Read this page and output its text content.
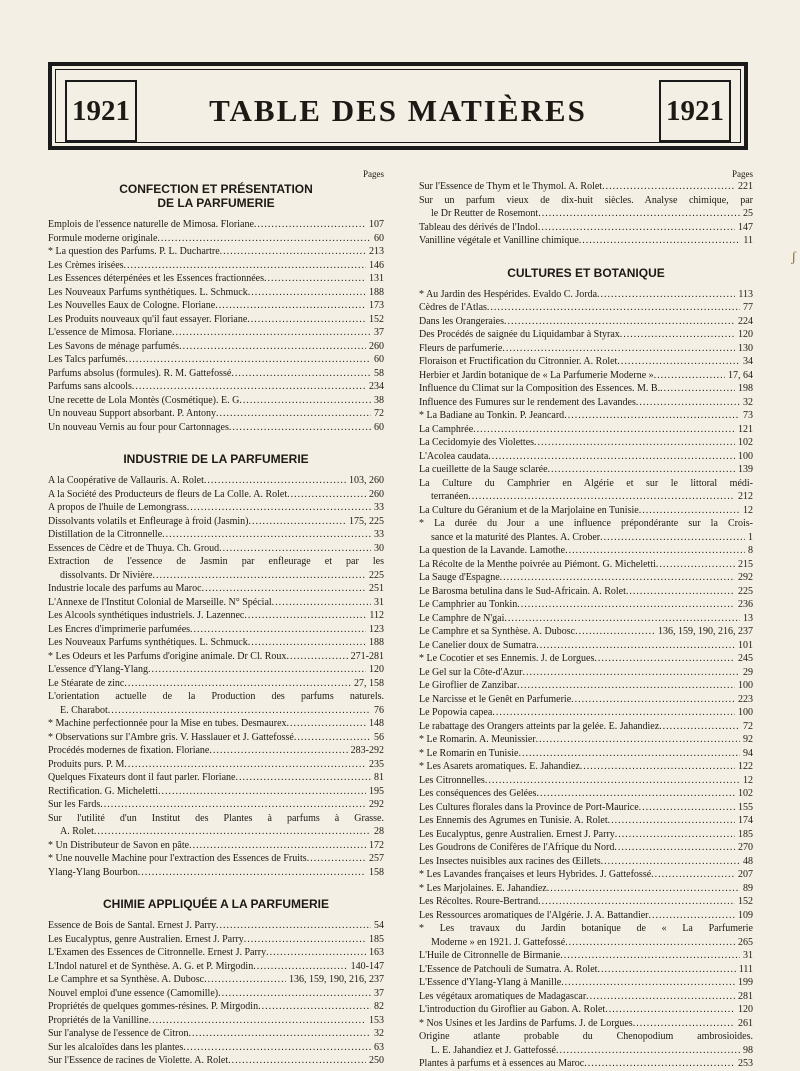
1921	TABLE DES MATIÈRES	1921
Pages
CONFECTION ET PRÉSENTATION
DE LA PARFUMERIE
Emplois de l'essence naturelle de Mimosa. Floriane .....	107
Formule moderne originale .....	60
* La question des Parfums. P. L. Duchartre .....	213
Les Crèmes irisées .....	146
Les Essences déterpénées et les Essences fractionnées .....	131
Les Nouveaux Parfums synthétiques. L. Schmuck .....	188
Les Nouvelles Eaux de Cologne. Floriane .....	173
Les Produits nouveaux qu'il faut essayer. Floriane .....	152
L'essence de Mimosa. Floriane .....	37
Les Savons de ménage parfumés .....	260
Les Talcs parfumés .....	60
Parfums absolus (formules). R. M. Gattefossé .....	58
Parfums sans alcools .....	234
Une recette de Lola Montès (Cosmétique). E. G .....	38
Un nouveau Support absorbant. P. Antony .....	72
Un nouveau Vernis au four pour Cartonnages .....	60
INDUSTRIE DE LA PARFUMERIE
A la Coopérative de Vallauris. A. Rolet .....	103, 260
A la Société des Producteurs de fleurs de La Colle. A. Rolet .....	260
A propos de l'huile de Lemongrass .....	33
Dissolvants volatils et Enfleurage à froid (Jasmin) .....	175, 225
Distillation de la Citronnelle .....	33
Essences de Cèdre et de Thuya. Ch. Groud .....	30
Extraction de l'essence de Jasmin par enfleurage et par les
dissolvants. Dr Nivière .....	225
Industrie locale des parfums au Maroc .....	251
L'Annexe de l'Institut Colonial de Marseille. N° Spécial .....	31
Les Alcools synthétiques industriels. J. Lazennec .....	112
Les Encres d'imprimerie parfumées .....	123
Les Nouveaux Parfums synthétiques. L. Schmuck .....	188
* Les Odeurs et les Parfums d'origine animale. Dr Cl. Roux .....	271-281
L'essence d'Ylang-Ylang .....	120
Le Stéarate de zinc .....	27, 158
L'orientation actuelle de la Production des parfums naturels.
E. Charabot .....	76
* Machine perfectionnée pour la Mise en tubes. Desmaurex .....	148
* Observations sur l'Ambre gris. V. Hasslauer et J. Gattefossé .....	56
Procédés modernes de fixation. Floriane .....	283-292
Produits purs. P. M .....	235
Quelques Fixateurs dont il faut parler. Floriane .....	81
Rectification. G. Micheletti .....	195
Sur les Fards .....	292
Sur l'utilité d'un Institut des Plantes à parfums à Grasse.
A. Rolet .....	28
* Un Distributeur de Savon en pâte .....	172
* Une nouvelle Machine pour l'extraction des Essences de Fruits .....	257
Ylang-Ylang Bourbon .....	158
CHIMIE APPLIQUÉE A LA PARFUMERIE
Essence de Bois de Santal. Ernest J. Parry .....	54
Les Eucalyptus, genre Australien. Ernest J. Parry .....	185
L'Examen des Essences de Citronnelle. Ernest J. Parry .....	163
L'Indol naturel et de Synthèse. A. G. et P. Mirgodin .....	140-147
Le Camphre et sa Synthèse. A. Dubosc .....	136, 159, 190, 216, 237
Nouvel emploi d'une essence (Camomille) .....	37
Propriétés de quelques gommes-résines. P. Mirgodin .....	82
Propriétés de la Vanilline .....	153
Sur l'analyse de l'essence de Citron .....	32
Sur les alcaloïdes dans les plantes .....	63
Sur l'Essence de racines de Violette. A. Rolet .....	250
Pages
Sur l'Essence de Thym et le Thymol. A. Rolet .....	221
Sur un parfum vieux de dix-huit siècles. Analyse chimique, par
le Dr Reutter de Rosemont .....	25
Tableau des dérivés de l'Indol .....	147
Vanilline végétale et Vanilline chimique .....	11
CULTURES ET BOTANIQUE
* Au Jardin des Hespérides. Evaldo C. Jorda .....	113
Cèdres de l'Atlas .....	77
Dans les Orangeraies .....	224
Des Procédés de saignée du Liquidambar à Styrax .....	120
Fleurs de parfumerie .....	130
Floraison et Fructification du Citronnier. A. Rolet .....	34
Herbier et Jardin botanique de « La Parfumerie Moderne » .....	17, 64
Influence du Climat sur la Composition des Essences. M. B. .....	198
Influence des Fumures sur le rendement des Lavandes .....	32
* La Badiane au Tonkin. P. Jeancard .....	73
La Camphrée .....	121
La Cecidomyie des Violettes .....	102
L'Acolea caudata .....	100
La cueillette de la Sauge sclarée .....	139
La Culture du Camphrier en Algérie et sur le littoral médi-
terranéen .....	212
La Culture du Géranium et de la Marjolaine en Tunisie .....	12
* La durée du Jour a une influence prépondérante sur la Crois-
sance et la maturité des Plantes. A. Crober .....	1
La question de la Lavande. Lamothe .....	8
La Récolte de la Menthe poivrée au Piémont. G. Micheletti .....	215
La Sauge d'Espagne .....	292
Le Barosma betulina dans le Sud-Africain. A. Rolet .....	225
Le Camphrier au Tonkin .....	236
Le Camphre de N'gai .....	13
Le Camphre et sa Synthèse. A. Dubosc .....	136, 159, 190, 216, 237
Le Canelier doux de Sumatra .....	101
* Le Cocotier et ses Ennemis. J. de Lorgues .....	245
Le Gel sur la Côte-d'Azur .....	29
Le Giroflier de Zanzibar .....	100
Le Narcisse et le Genêt en Parfumerie .....	223
Le Popowia capea .....	100
Le rabattage des Orangers atteints par la gelée. E. Jahandiez .....	72
* Le Romarin. A. Meunissier .....	92
* Le Romarin en Tunisie .....	94
* Les Asarets aromatiques. E. Jahandiez .....	122
Les Citronnelles .....	12
Les conséquences des Gelées .....	102
Les Cultures florales dans la Province de Port-Maurice .....	155
Les Ennemis des Agrumes en Tunisie. A. Rolet .....	174
Les Eucalyptus, genre Australien. Ernest J. Parry .....	185
Les Goudrons de Conifères de l'Afrique du Nord .....	270
Les Insectes nuisibles aux racines des Œillets .....	48
* Les Lavandes françaises et leurs Hybrides. J. Gattefossé .....	207
* Les Marjolaines. E. Jahandiez .....	89
Les Récoltes. Roure-Bertrand .....	152
Les Ressources aromatiques de l'Algérie. J. A. Battandier .....	109
* Les travaux du Jardin botanique de « La Parfumerie
Moderne » en 1921. J. Gattefossé .....	265
L'Huile de Citronnelle de Birmanie .....	31
L'Essence de Patchouli de Sumatra. A. Rolet .....	111
L'Essence d'Ylang-Ylang à Manille .....	199
Les végétaux aromatiques de Madagascar .....	281
L'introduction du Giroflier au Gabon. A. Rolet .....	120
* Nos Usines et les Jardins de Parfums. J. de Lorgues .....	261
Origine atlante probable du Chenopodium ambrosioides.
L. E. Jahandiez et J. Gattefossé .....	98
Plantes à parfums et à essences au Maroc .....	253
ʃ
